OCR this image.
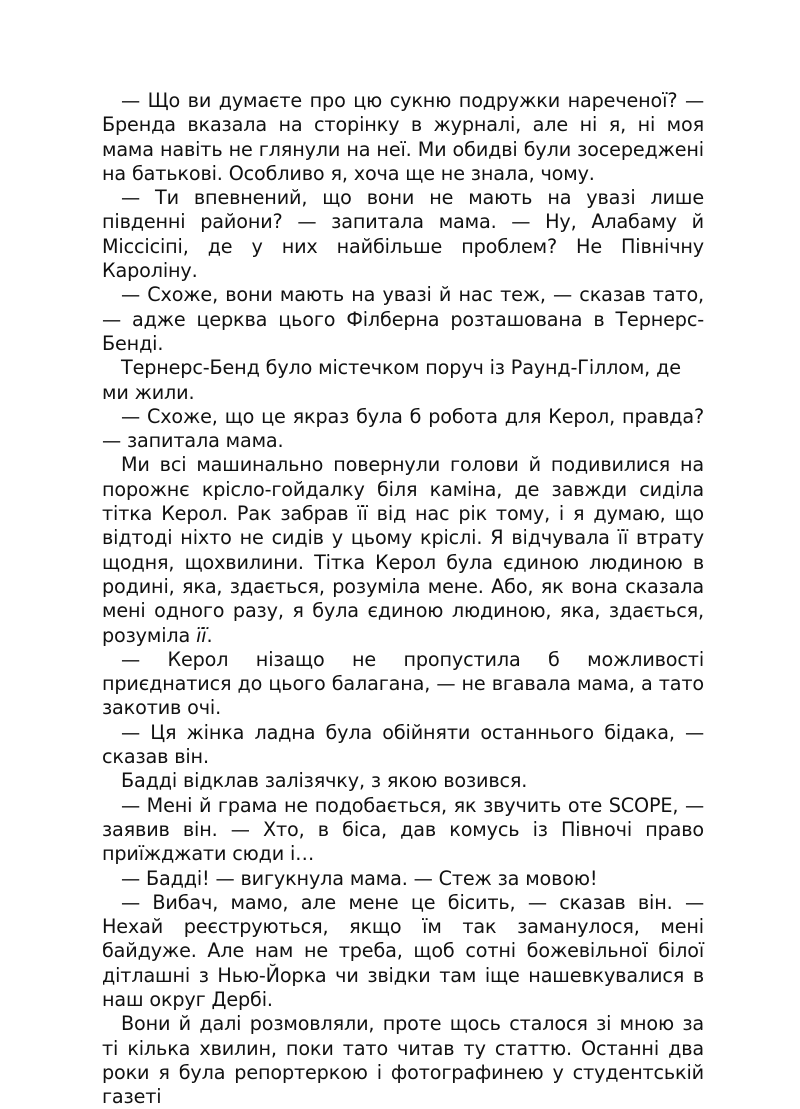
— Що ви думаєте про цю сукню подружки нареченої? — Бренда вказала на сторінку в журналі, але ні я, ні моя мама навіть не глянули на неї. Ми обидві були зосереджені на батькові. Особливо я, хоча ще не знала, чому.

— Ти впевнений, що вони не мають на увазі лише південні райони? — запитала мама. — Ну, Алабаму й Міссісіпі, де у них найбільше проблем? Не Північну Кароліну.

— Схоже, вони мають на увазі й нас теж, — сказав тато, — адже церква цього Філберна розташована в Тернерс-Бенді.

Тернерс-Бенд було містечком поруч із Раунд-Гіллом, де ми жили.

— Схоже, що це якраз була б робота для Керол, правда? — запитала мама.

Ми всі машинально повернули голови й подивилися на порожнє крісло-гойдалку біля каміна, де завжди сиділа тітка Керол. Рак забрав її від нас рік тому, і я думаю, що відтоді ніхто не сидів у цьому кріслі. Я відчувала її втрату щодня, щохвилини. Тітка Керол була єдиною людиною в родині, яка, здається, розуміла мене. Або, як вона сказала мені одного разу, я була єдиною людиною, яка, здається, розуміла її.

— Керол нізащо не пропустила б можливості приєднатися до цього балагана, — не вгавала мама, а тато закотив очі.

— Ця жінка ладна була обійняти останнього бідака, — сказав він.

Бадді відклав залізячку, з якою возився.

— Мені й грама не подобається, як звучить оте SCOPE, — заявив він. — Хто, в біса, дав комусь із Півночі право приїжджати сюди і…

— Бадді! — вигукнула мама. — Стеж за мовою!

— Вибач, мамо, але мене це бісить, — сказав він. — Нехай реєструються, якщо їм так заманулося, мені байдуже. Але нам не треба, щоб сотні божевільної білої дітлашні з Нью-Йорка чи звідки там іще нашевкувалися в наш округ Дербі.

Вони й далі розмовляли, проте щось сталося зі мною за ті кілька хвилин, поки тато читав ту статтю. Останні два роки я була репортеркою і фотографинею у студентській газеті
